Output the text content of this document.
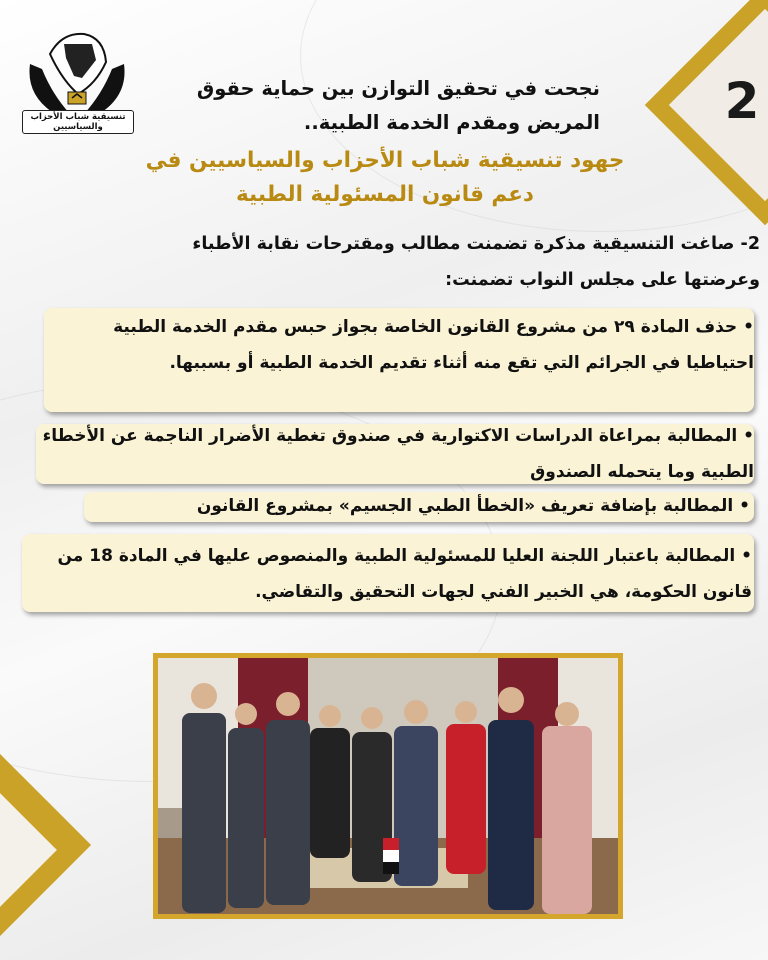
2
تنسيقية شباب الأحزاب والسياسيين
نجحت في تحقيق التوازن بين حماية حقوق المريض ومقدم الخدمة الطبية..
جهود تنسيقية شباب الأحزاب والسياسيين في دعم قانون المسئولية الطبية
2- صاغت التنسيقية مذكرة تضمنت مطالب ومقترحات نقابة الأطباء
وعرضتها على مجلس النواب تضمنت:
• حذف المادة ٢٩ من مشروع القانون الخاصة بجواز حبس مقدم الخدمة الطبية احتياطيا في الجرائم التي تقع منه أثناء تقديم الخدمة الطبية أو بسببها.
• المطالبة بمراعاة الدراسات الاكتوارية في صندوق تغطية الأضرار الناجمة عن الأخطاء الطبية وما يتحمله الصندوق
• المطالبة بإضافة تعريف «الخطأ الطبي الجسيم» بمشروع القانون
• المطالبة باعتبار اللجنة العليا للمسئولية الطبية والمنصوص عليها في المادة 18 من قانون الحكومة، هي الخبير الفني لجهات التحقيق والتقاضي.
